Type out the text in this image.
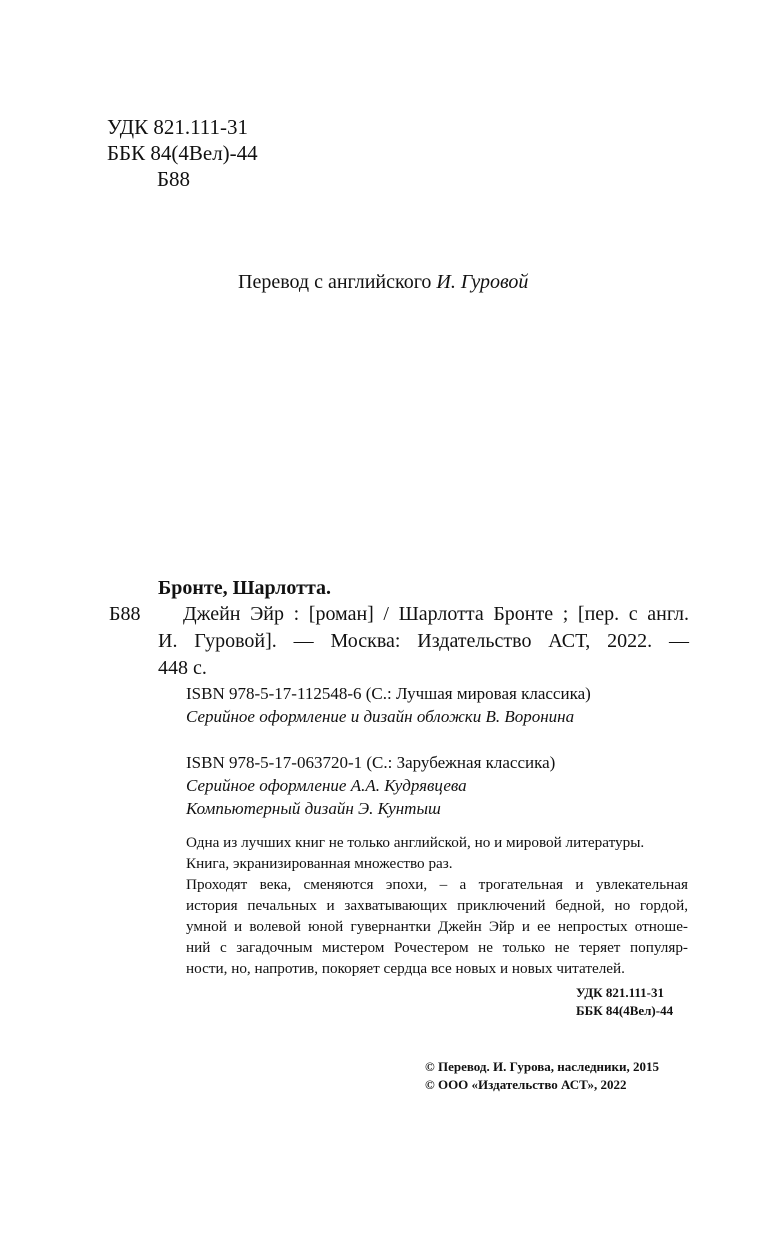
УДК 821.111-31
ББК 84(4Вел)-44
Б88
Перевод с английского И. Гуровой
Бронте, Шарлотта.
Б88 Джейн Эйр : [роман] / Шарлотта Бронте ; [пер. с англ.
И. Гуровой]. — Москва: Издательство АСТ, 2022. —
448 с.
ISBN 978-5-17-112548-6 (С.: Лучшая мировая классика)
Серийное оформление и дизайн обложки В. Воронина
ISBN 978-5-17-063720-1 (С.: Зарубежная классика)
Серийное оформление А.А. Кудрявцева
Компьютерный дизайн Э. Кунтыш
Одна из лучших книг не только английской, но и мировой литературы.
Книга, экранизированная множество раз.
Проходят века, сменяются эпохи, – а трогательная и увлекательная
история печальных и захватывающих приключений бедной, но гордой,
умной и волевой юной гувернантки Джейн Эйр и ее непростых отноше-
ний с загадочным мистером Рочестером не только не теряет популяр-
ности, но, напротив, покоряет сердца все новых и новых читателей.
УДК 821.111-31
ББК 84(4Вел)-44
© Перевод. И. Гурова, наследники, 2015
© ООО «Издательство АСТ», 2022
